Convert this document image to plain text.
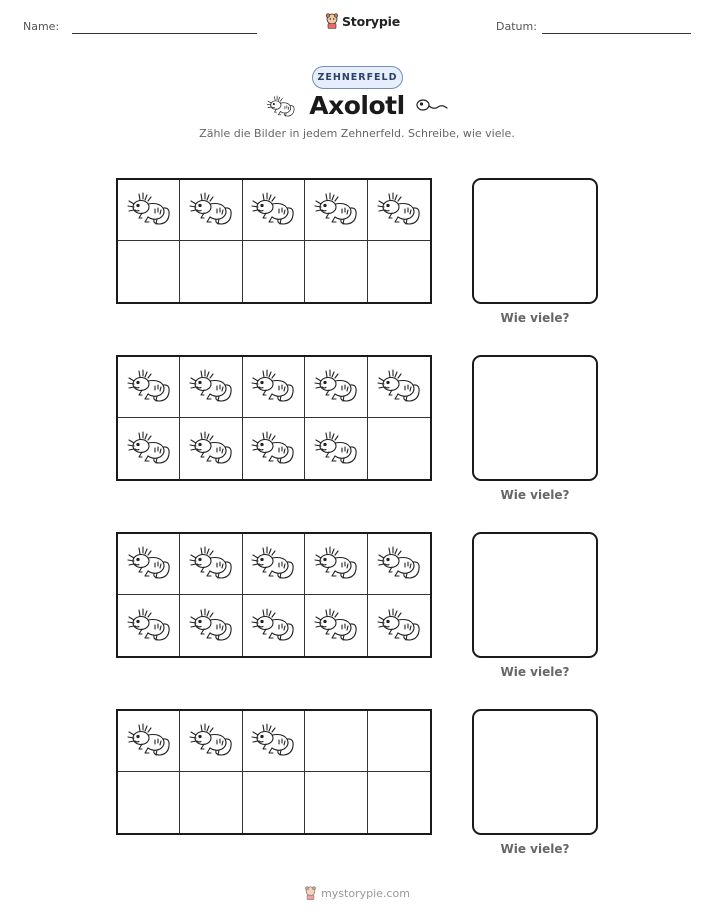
Name:	Storypie	Datum:
ZEHNERFELD
Axolotl
Zähle die Bilder in jedem Zehnerfeld. Schreibe, wie viele.
Wie viele?
Wie viele?
Wie viele?
Wie viele?
mystorypie.com
